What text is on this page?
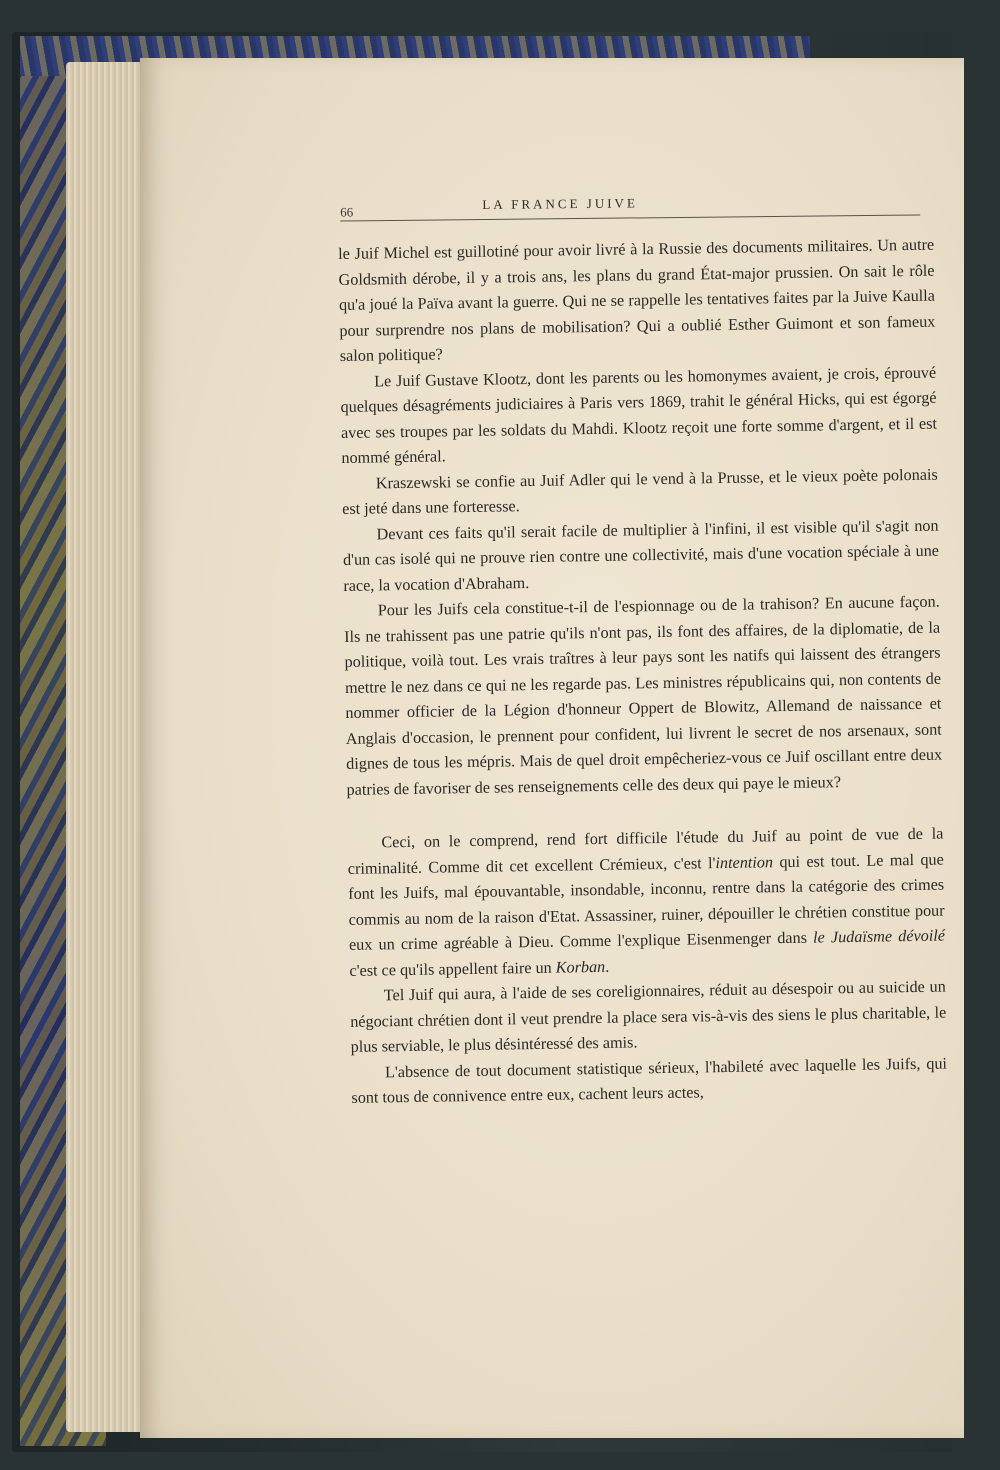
66	LA FRANCE JUIVE

le Juif Michel est guillotiné pour avoir livré à la Russie des documents militaires. Un autre Goldsmith dérobe, il y a trois ans, les plans du grand État-major prussien. On sait le rôle qu'a joué la Païva avant la guerre. Qui ne se rappelle les tentatives faites par la Juive Kaulla pour surprendre nos plans de mobilisation? Qui a oublié Esther Guimont et son fameux salon politique?

Le Juif Gustave Klootz, dont les parents ou les homonymes avaient, je crois, éprouvé quelques désagréments judiciaires à Paris vers 1869, trahit le général Hicks, qui est égorgé avec ses troupes par les soldats du Mahdi. Klootz reçoit une forte somme d'argent, et il est nommé général.

Kraszewski se confie au Juif Adler qui le vend à la Prusse, et le vieux poète polonais est jeté dans une forteresse.

Devant ces faits qu'il serait facile de multiplier à l'infini, il est visible qu'il s'agit non d'un cas isolé qui ne prouve rien contre une collectivité, mais d'une vocation spéciale à une race, la vocation d'Abraham.

Pour les Juifs cela constitue-t-il de l'espionnage ou de la trahison? En aucune façon. Ils ne trahissent pas une patrie qu'ils n'ont pas, ils font des affaires, de la diplomatie, de la politique, voilà tout. Les vrais traîtres à leur pays sont les natifs qui laissent des étrangers mettre le nez dans ce qui ne les regarde pas. Les ministres républicains qui, non contents de nommer officier de la Légion d'honneur Oppert de Blowitz, Allemand de naissance et Anglais d'occasion, le prennent pour confident, lui livrent le secret de nos arsenaux, sont dignes de tous les mépris. Mais de quel droit empêcheriez-vous ce Juif oscillant entre deux patries de favoriser de ses renseignements celle des deux qui paye le mieux?

Ceci, on le comprend, rend fort difficile l'étude du Juif au point de vue de la criminalité. Comme dit cet excellent Crémieux, c'est l'intention qui est tout. Le mal que font les Juifs, mal épouvantable, insondable, inconnu, rentre dans la catégorie des crimes commis au nom de la raison d'Etat. Assassiner, ruiner, dépouiller le chrétien constitue pour eux un crime agréable à Dieu. Comme l'explique Eisenmenger dans le Judaïsme dévoilé c'est ce qu'ils appellent faire un Korban.

Tel Juif qui aura, à l'aide de ses coreligionnaires, réduit au désespoir ou au suicide un négociant chrétien dont il veut prendre la place sera vis-à-vis des siens le plus charitable, le plus serviable, le plus désintéressé des amis.

L'absence de tout document statistique sérieux, l'habileté avec laquelle les Juifs, qui sont tous de connivence entre eux, cachent leurs actes,
